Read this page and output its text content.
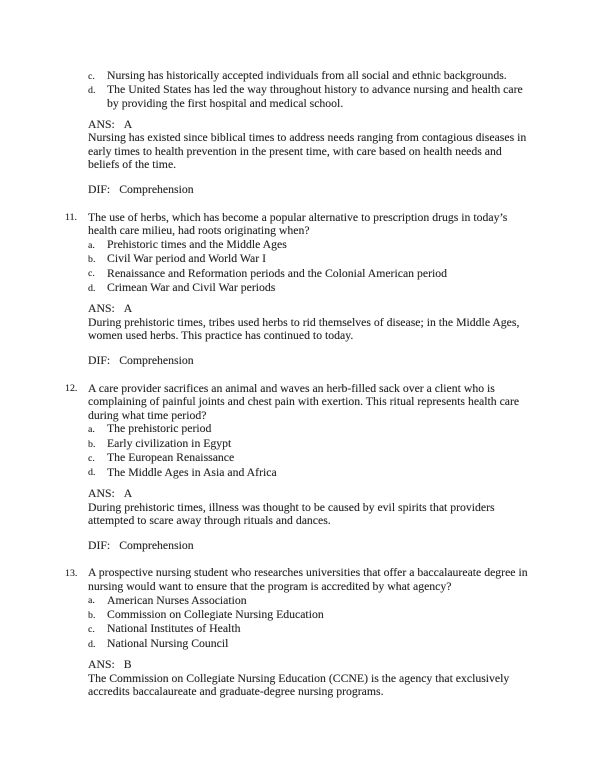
c.	Nursing has historically accepted individuals from all social and ethnic backgrounds.
d. The United States has led the way throughout history to advance nursing and health care by providing the first hospital and medical school.
ANS: A
Nursing has existed since biblical times to address needs ranging from contagious diseases in early times to health prevention in the present time, with care based on health needs and beliefs of the time.
DIF: Comprehension
11. The use of herbs, which has become a popular alternative to prescription drugs in today’s health care milieu, had roots originating when?
a.	Prehistoric times and the Middle Ages
b. Civil War period and World War I
c.	Renaissance and Reformation periods and the Colonial American period
d. Crimean War and Civil War periods
ANS: A
During prehistoric times, tribes used herbs to rid themselves of disease; in the Middle Ages, women used herbs. This practice has continued to today.
DIF: Comprehension
12. A care provider sacrifices an animal and waves an herb-filled sack over a client who is complaining of painful joints and chest pain with exertion. This ritual represents health care during what time period?
a.	The prehistoric period
b. Early civilization in Egypt
c.	The European Renaissance
d. The Middle Ages in Asia and Africa
ANS: A
During prehistoric times, illness was thought to be caused by evil spirits that providers attempted to scare away through rituals and dances.
DIF: Comprehension
13. A prospective nursing student who researches universities that offer a baccalaureate degree in nursing would want to ensure that the program is accredited by what agency?
a.	American Nurses Association
b. Commission on Collegiate Nursing Education
c.	National Institutes of Health
d. National Nursing Council
ANS: B
The Commission on Collegiate Nursing Education (CCNE) is the agency that exclusively accredits baccalaureate and graduate-degree nursing programs.
